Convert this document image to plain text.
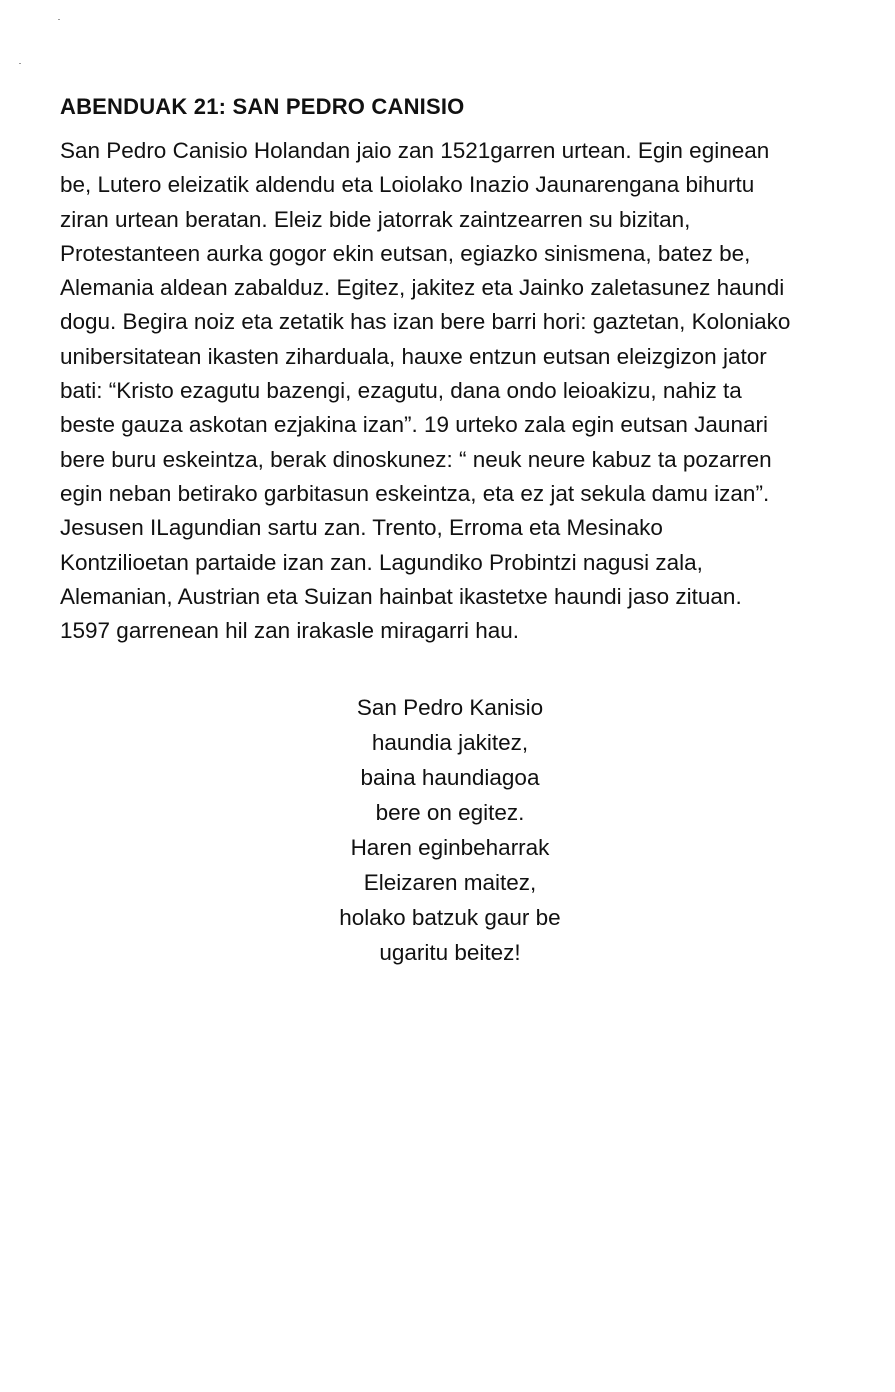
ABENDUAK 21: SAN PEDRO CANISIO
San Pedro Canisio Holandan jaio zan 1521garren urtean. Egin eginean
be, Lutero eleizatik aldendu eta Loiolako Inazio Jaunarengana bihurtu
ziran urtean beratan. Eleiz bide jatorrak zaintzearren su bizitan,
Protestanteen aurka gogor ekin eutsan, egiazko sinismena, batez be,
Alemania aldean zabalduz. Egitez, jakitez eta Jainko zaletasunez haundi
dogu. Begira noiz eta zetatik has izan bere barri hori: gaztetan, Koloniako
unibersitatean ikasten ziharduala, hauxe entzun eutsan eleizgizon jator
bati: “Kristo ezagutu bazengi, ezagutu, dana ondo leioakizu, nahiz ta
beste gauza askotan ezjakina izan”. 19 urteko zala egin eutsan Jaunari
bere buru eskeintza, berak dinoskunez: “ neuk neure kabuz ta pozarren
egin neban betirako garbitasun eskeintza, eta ez jat sekula damu izan”.
Jesusen ILagundian sartu zan. Trento, Erroma eta Mesinako
Kontzilioetan partaide izan zan. Lagundiko Probintzi nagusi zala,
Alemanian, Austrian eta Suizan hainbat ikastetxe haundi jaso zituan.
1597 garrenean hil zan irakasle miragarri hau.
San Pedro Kanisio
haundia jakitez,
baina haundiagoa
bere on egitez.
Haren eginbeharrak
Eleizaren maitez,
holako batzuk gaur be
ugaritu beitez!
